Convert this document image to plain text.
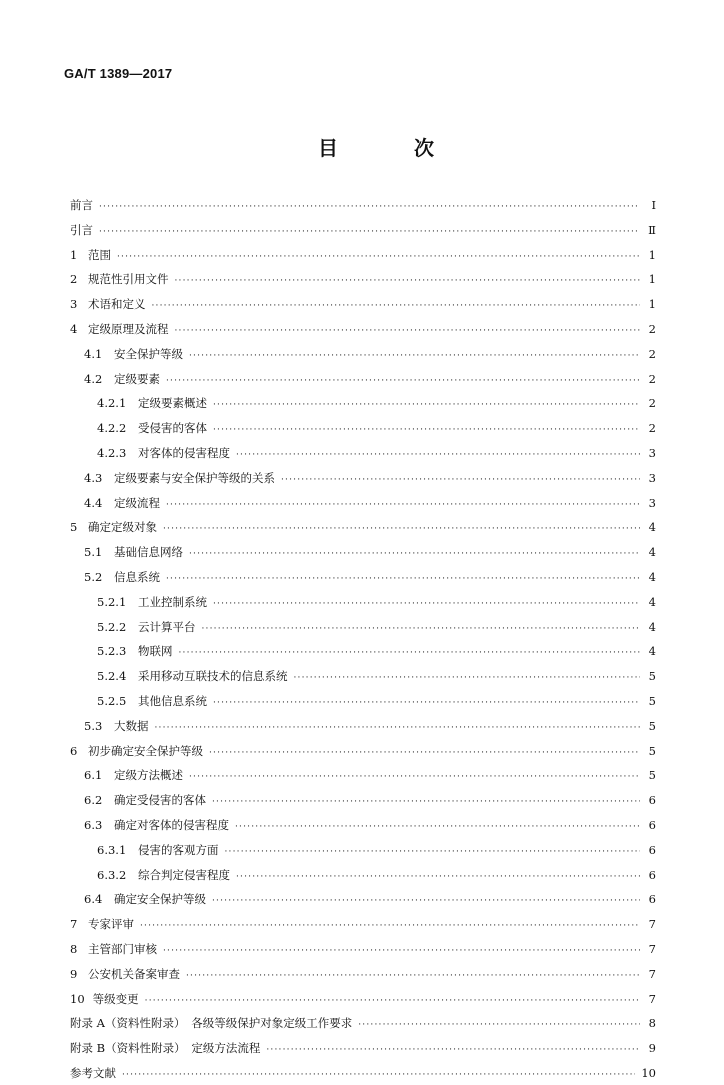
GA/T 1389—2017
目　次
前言 ·····	Ⅰ
引言 ·····	Ⅱ
1 范围 ·····	1
2 规范性引用文件 ·····	1
3 术语和定义 ·····	1
4 定级原理及流程 ·····	2
4.1	安全保护等级 ·····	2
4.2	定级要素 ·····	2
4.2.1	定级要素概述 ·····	2
4.2.2	受侵害的客体 ·····	2
4.2.3	对客体的侵害程度 ·····	3
4.3	定级要素与安全保护等级的关系 ·····	3
4.4	定级流程 ·····	3
5 确定定级对象 ·····	4
5.1	基础信息网络 ·····	4
5.2	信息系统 ·····	4
5.2.1	工业控制系统 ·····	4
5.2.2	云计算平台 ·····	4
5.2.3	物联网 ·····	4
5.2.4	采用移动互联技术的信息系统 ·····	5
5.2.5	其他信息系统 ·····	5
5.3	大数据 ·····	5
6 初步确定安全保护等级 ·····	5
6.1	定级方法概述 ·····	5
6.2	确定受侵害的客体 ·····	6
6.3	确定对客体的侵害程度 ·····	6
6.3.1	侵害的客观方面 ·····	6
6.3.2	综合判定侵害程度 ·····	6
6.4	确定安全保护等级 ·····	6
7 专家评审 ·····	7
8 主管部门审核 ·····	7
9 公安机关备案审查 ·····	7
10 等级变更 ·····	7
附录 A（资料性附录）　各级等级保护对象定级工作要求 ·····	8
附录 B（资料性附录）　定级方法流程 ·····	9
参考文献 ·····	10
